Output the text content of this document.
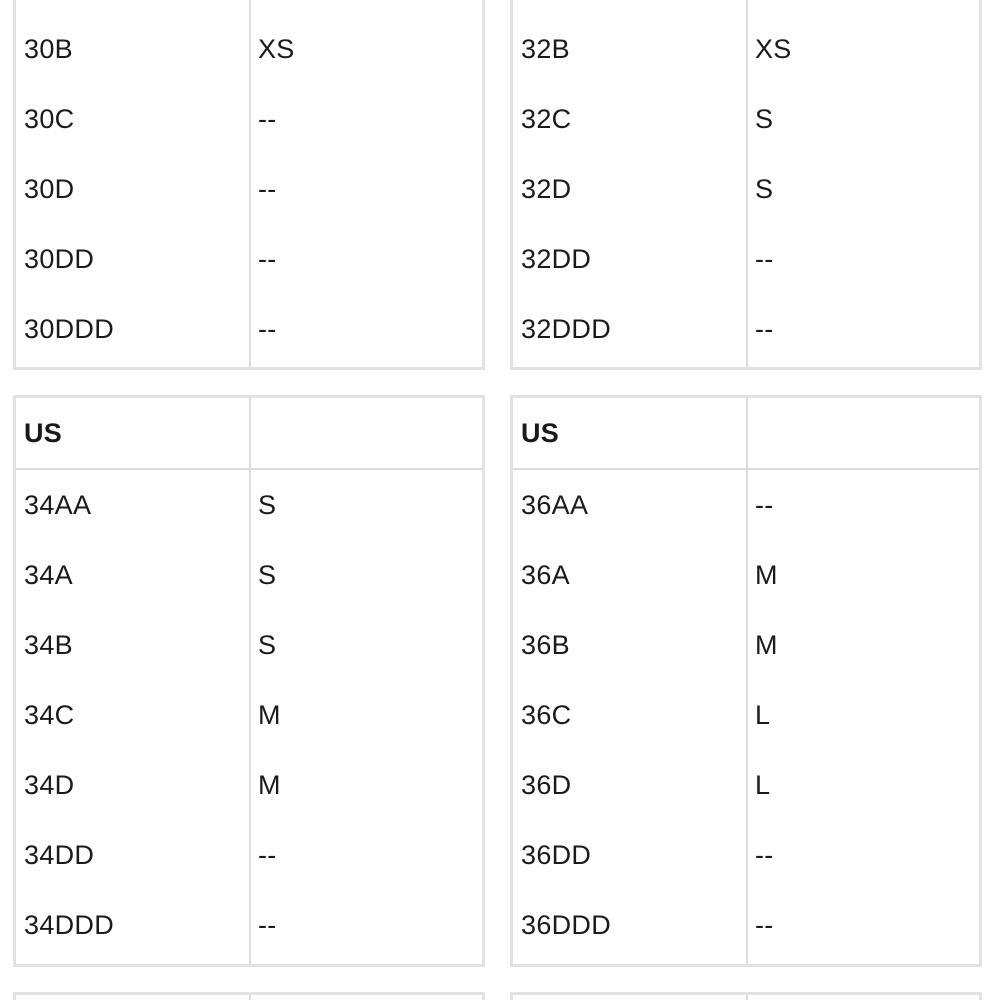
30B	XS
30C	--
30D	--
30DD	--
30DDD	--
32B	XS
32C	S
32D	S
32DD	--
32DDD	--
US
34AA	S
34A	S
34B	S
34C	M
34D	M
34DD	--
34DDD	--
US
36AA	--
36A	M
36B	M
36C	L
36D	L
36DD	--
36DDD	--
